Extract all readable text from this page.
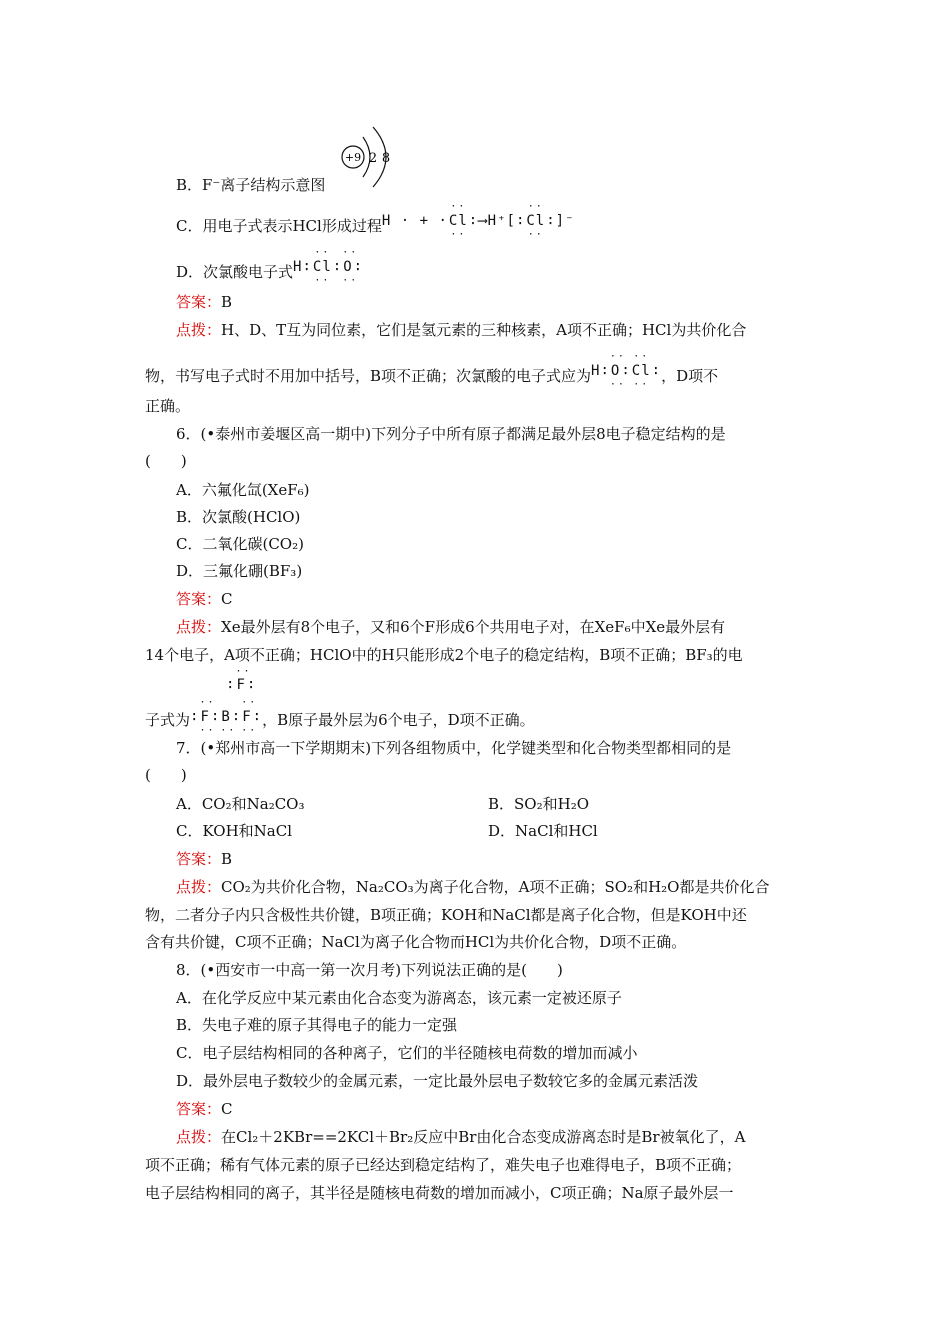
+9 2 8
B．F⁻离子结构示意图
C．用电子式表示HCl形成过程H · + ·
··
Cl
··
∶⟶H⁺[∶
··
Cl
··
∶]⁻
D．次氯酸电子式H∶
··
Cl
··
∶
··
O
··
∶
答案：B
点拨：H、D、T互为同位素，它们是氢元素的三种核素，A项不正确；HCl为共价化合
物，书写电子式时不用加中括号，B项不正确；次氯酸的电子式应为H∶
··
O
··
∶
··
Cl
··
∶，D项不
正确。
6．(•泰州市姜堰区高一期中)下列分子中所有原子都满足最外层8电子稳定结构的是
(　　)
A．六氟化氙(XeF₆)
B．次氯酸(HClO)
C．二氧化碳(CO₂)
D．三氟化硼(BF₃)
答案：C
点拨：Xe最外层有8个电子，又和6个F形成6个共用电子对，在XeF₆中Xe最外层有
14个电子，A项不正确；HClO中的H只能形成2个电子的稳定结构，B项不正确；BF₃的电
∶
··
F∶
子式为∶
··
F
··
∶
··
B∶
··
F
··
∶，B原子最外层为6个电子，D项不正确。
7．(•郑州市高一下学期期末)下列各组物质中，化学键类型和化合物类型都相同的是
(　　)
A．CO₂和Na₂CO₃	B．SO₂和H₂O
C．KOH和NaCl	D．NaCl和HCl
答案：B
点拨：CO₂为共价化合物，Na₂CO₃为离子化合物，A项不正确；SO₂和H₂O都是共价化合
物，二者分子内只含极性共价键，B项正确；KOH和NaCl都是离子化合物，但是KOH中还
含有共价键，C项不正确；NaCl为离子化合物而HCl为共价化合物，D项不正确。
8．(•西安市一中高一第一次月考)下列说法正确的是(　　)
A．在化学反应中某元素由化合态变为游离态，该元素一定被还原子
B．失电子难的原子其得电子的能力一定强
C．电子层结构相同的各种离子，它们的半径随核电荷数的增加而减小
D．最外层电子数较少的金属元素，一定比最外层电子数较它多的金属元素活泼
答案：C
点拨：在Cl₂＋2KBr==2KCl＋Br₂反应中Br由化合态变成游离态时是Br被氧化了，A
项不正确；稀有气体元素的原子已经达到稳定结构了，难失电子也难得电子，B项不正确；
电子层结构相同的离子，其半径是随核电荷数的增加而减小，C项正确；Na原子最外层一
